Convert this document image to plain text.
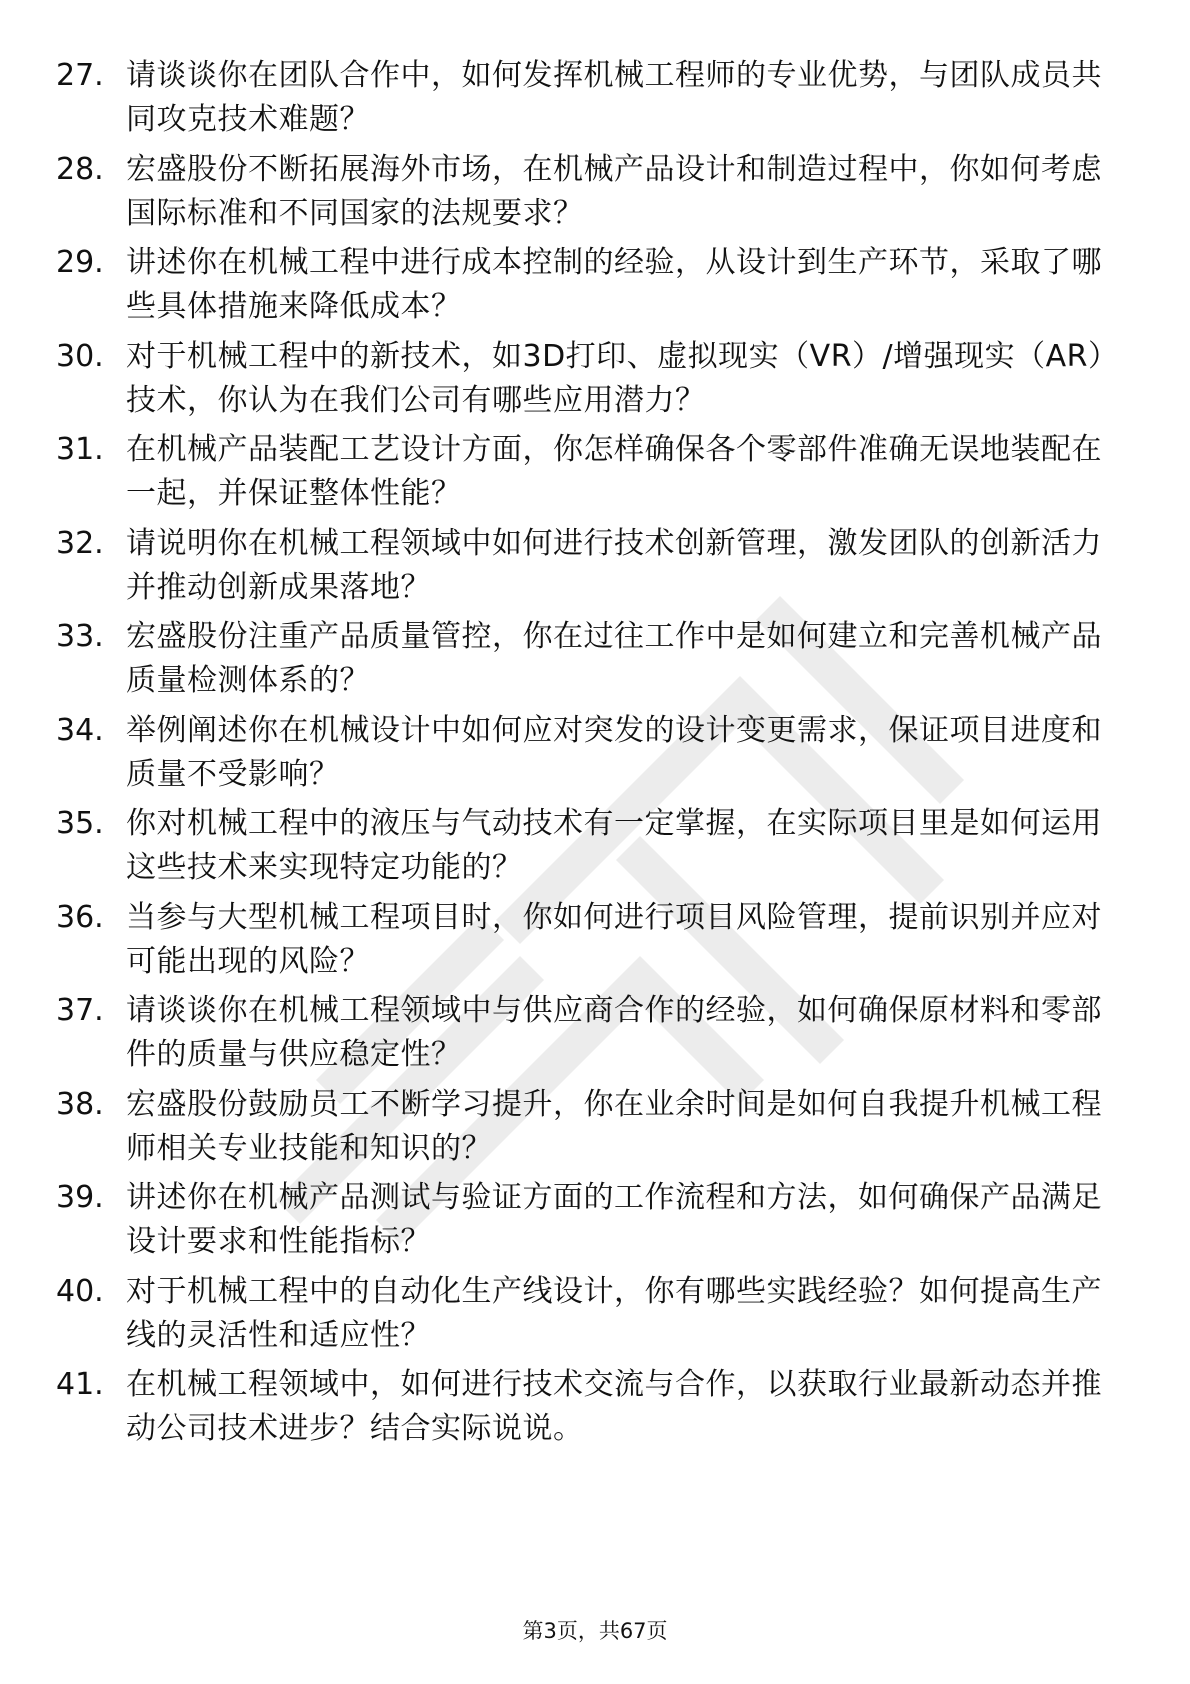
27. 请谈谈你在团队合作中，如何发挥机械工程师的专业优势，与团队成员共同攻克技术难题？
28. 宏盛股份不断拓展海外市场，在机械产品设计和制造过程中，你如何考虑国际标准和不同国家的法规要求？
29. 讲述你在机械工程中进行成本控制的经验，从设计到生产环节，采取了哪些具体措施来降低成本？
30. 对于机械工程中的新技术，如3D打印、虚拟现实（VR）/增强现实（AR）技术，你认为在我们公司有哪些应用潜力？
31. 在机械产品装配工艺设计方面，你怎样确保各个零部件准确无误地装配在一起，并保证整体性能？
32. 请说明你在机械工程领域中如何进行技术创新管理，激发团队的创新活力并推动创新成果落地？
33. 宏盛股份注重产品质量管控，你在过往工作中是如何建立和完善机械产品质量检测体系的？
34. 举例阐述你在机械设计中如何应对突发的设计变更需求，保证项目进度和质量不受影响？
35. 你对机械工程中的液压与气动技术有一定掌握，在实际项目里是如何运用这些技术来实现特定功能的？
36. 当参与大型机械工程项目时，你如何进行项目风险管理，提前识别并应对可能出现的风险？
37. 请谈谈你在机械工程领域中与供应商合作的经验，如何确保原材料和零部件的质量与供应稳定性？
38. 宏盛股份鼓励员工不断学习提升，你在业余时间是如何自我提升机械工程师相关专业技能和知识的？
39. 讲述你在机械产品测试与验证方面的工作流程和方法，如何确保产品满足设计要求和性能指标？
40. 对于机械工程中的自动化生产线设计，你有哪些实践经验？如何提高生产线的灵活性和适应性？
41. 在机械工程领域中，如何进行技术交流与合作，以获取行业最新动态并推动公司技术进步？结合实际说说。
第3页，共67页
